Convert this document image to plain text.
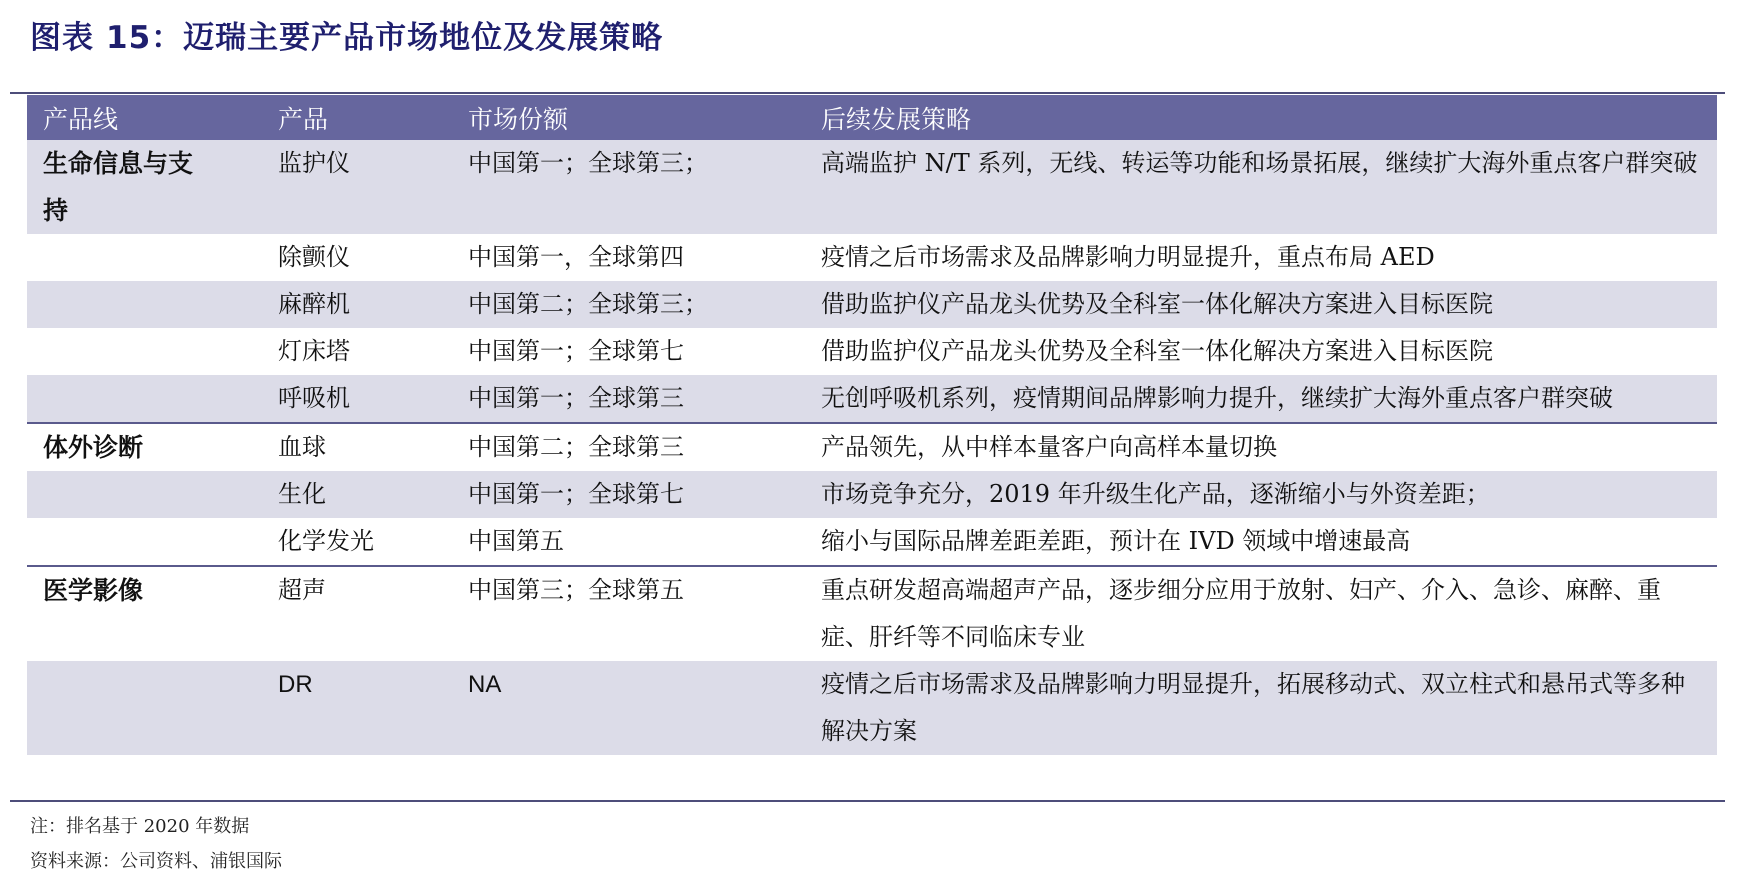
图表 15：迈瑞主要产品市场地位及发展策略
产品线	产品	市场份额	后续发展策略
生命信息与支持	监护仪	中国第一；全球第三；	高端监护 N/T 系列，无线、转运等功能和场景拓展，继续扩大海外重点客户群突破
	除颤仪	中国第一，全球第四	疫情之后市场需求及品牌影响力明显提升，重点布局 AED
	麻醉机	中国第二；全球第三；	借助监护仪产品龙头优势及全科室一体化解决方案进入目标医院
	灯床塔	中国第一；全球第七	借助监护仪产品龙头优势及全科室一体化解决方案进入目标医院
	呼吸机	中国第一；全球第三	无创呼吸机系列，疫情期间品牌影响力提升，继续扩大海外重点客户群突破
体外诊断	血球	中国第二；全球第三	产品领先，从中样本量客户向高样本量切换
	生化	中国第一；全球第七	市场竞争充分，2019 年升级生化产品，逐渐缩小与外资差距；
	化学发光	中国第五	缩小与国际品牌差距差距，预计在 IVD 领域中增速最高
医学影像	超声	中国第三；全球第五	重点研发超高端超声产品，逐步细分应用于放射、妇产、介入、急诊、麻醉、重症、肝纤等不同临床专业
	DR	NA	疫情之后市场需求及品牌影响力明显提升，拓展移动式、双立柱式和悬吊式等多种解决方案
注：排名基于 2020 年数据
资料来源：公司资料、浦银国际
